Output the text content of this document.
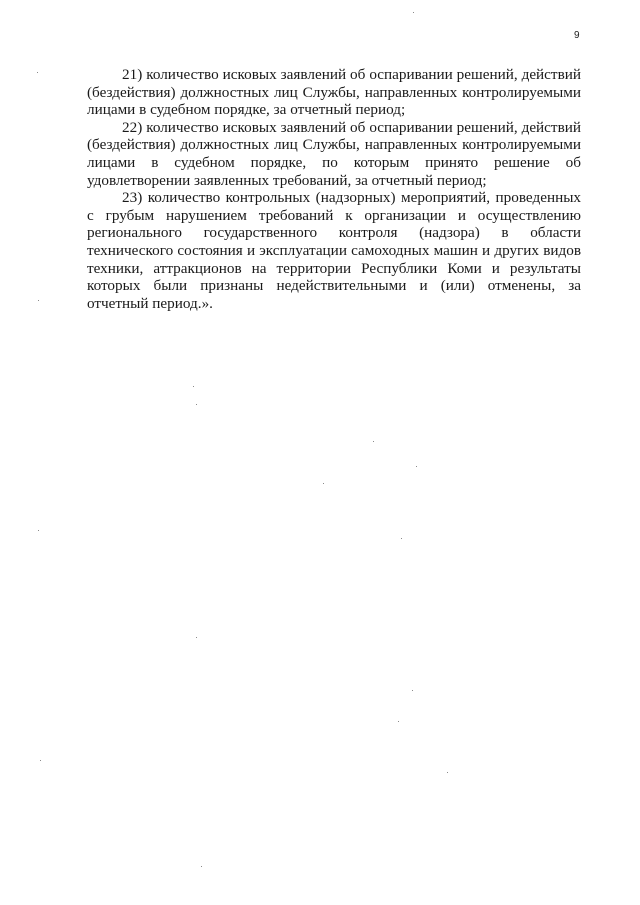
9

21) количество исковых заявлений об оспаривании решений, действий (бездействия) должностных лиц Службы, направленных контролируемыми лицами в судебном порядке, за отчетный период;

22) количество исковых заявлений об оспаривании решений, действий (бездействия) должностных лиц Службы, направленных контролируемыми лицами в судебном порядке, по которым принято решение об удовлетворении заявленных требований, за отчетный период;

23) количество контрольных (надзорных) мероприятий, проведенных с грубым нарушением требований к организации и осуществлению регионального государственного контроля (надзора) в области технического состояния и эксплуатации самоходных машин и других видов техники, аттракционов на территории Республики Коми и результаты которых были признаны недействительными и (или) отменены, за отчетный период.».
